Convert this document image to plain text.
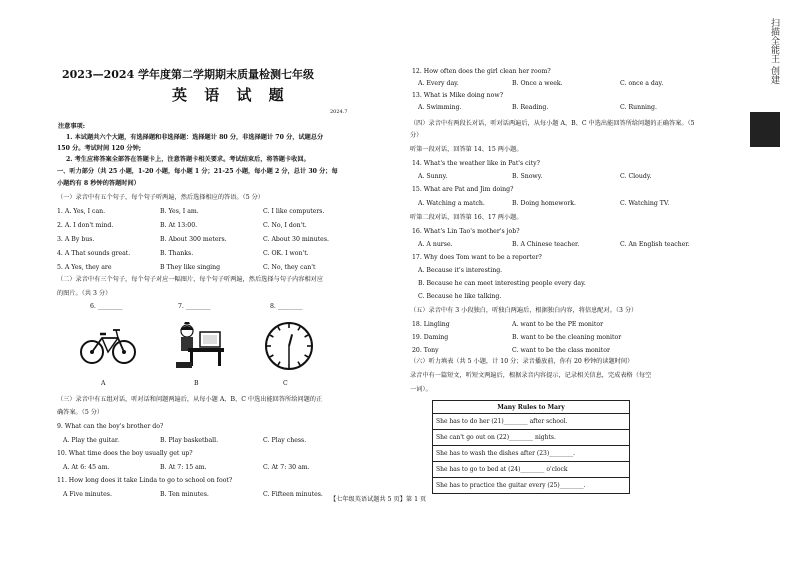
2023—2024 学年度第二学期期末质量检测七年级
英 语 试 题
2024.7
注意事项:
1. 本试题共六个大题，有选择题和非选择题：选择题计 80 分，非选择题计 70 分，试题总分
150 分。考试时间 120 分钟;
2. 考生应将答案全部答在答题卡上，注意答题卡相关要求。考试结束后，将答题卡收回。
一、听力部分（共 25 小题，1-20 小题，每小题 1 分；21-25 小题，每小题 2 分，总计 30 分；每
小题约有 8 秒钟的答题时间）
（一）录音中有五个句子，每个句子听两遍，然后选择相应的答语。（5 分）
1. A. Yes, I can.	B. Yes, I am.	C. I like computers.
2. A. I don't mind.	B. At 13:00.	C. No, I don't.
3. A By bus.	B. About 300 meters.	C. About 30 minutes.
4. A That sounds great.	B. Thanks.	C. OK. I won't.
5. A Yes, they are	B They like singing	C. No, they can't
（二）录音中有三个句子，每个句子对应一幅图片，每个句子听两遍，然后选择与句子内容相对应
的图片。（共 3 分）
6. ________	7. ________	8. ________
A	B	C
（三）录音中有五组对话，听对话和问题两遍后，从每小题 A、B、C 中选出能回答所给问题的正
确答案。（5 分）
9. What can the boy's brother do?
A. Play the guitar.	B. Play basketball.	C. Play chess.
10. What time does the boy usually get up?
A. At 6: 45 am.	B. At 7: 15 am.	C. At 7: 30 am.
11. How long does it take Linda to go to school on foot?
A Five minutes.	B. Ten minutes.	C. Fifteen minutes.
12. How often does the girl clean her room?
A. Every day.	B. Once a week.	C. once a day.
13. What is Mike doing now?
A. Swimming.	B. Reading.	C. Running.
（四）录音中有两段长对话，听对话两遍后，从每小题 A、B、C 中选出能回答所给问题的正确答案。（5 分）
听第一段对话，回答第 14、15 两小题。
14. What's the weather like in Pat's city?
A. Sunny.	B. Snowy.	C. Cloudy.
15. What are Pat and Jim doing?
A. Watching a match.	B. Doing homework.	C. Watching TV.
听第二段对话，回答第 16、17 两小题。
16. What's Lin Tao's mother's job?
A. A nurse.	B. A Chinese teacher.	C. An English teacher.
17. Why does Tom want to be a reporter?
A. Because it's interesting.
B. Because he can meet interesting people every day.
C. Because he like talking.
（五）录音中有 3 小段独白，听独白两遍后，根据独白内容，将信息配对。（3 分）
18. Lingling	A. want to be the PE monitor
19. Daming	B. want to be the cleaning monitor
20. Tony	C. want to be the class monitor
（六）听力填表（共 5 小题，计 10 分；录音播放前，你有 20 秒钟的读题时间）
录音中有一篇短文，听短文两遍后，根据录音内容提示，记录相关信息，完成表格（每空
一词）。
Many Rules to Mary
She has to do her (21)________ after school.
She can't go out on (22)________ nights.
She has to wash the dishes after (23)________.
She has to go to bed at (24)________ o'clock
She has to practice the guitar every (25)________.
【七年级英语试题共 5 页】第 1 页
扫描全能王 创建
